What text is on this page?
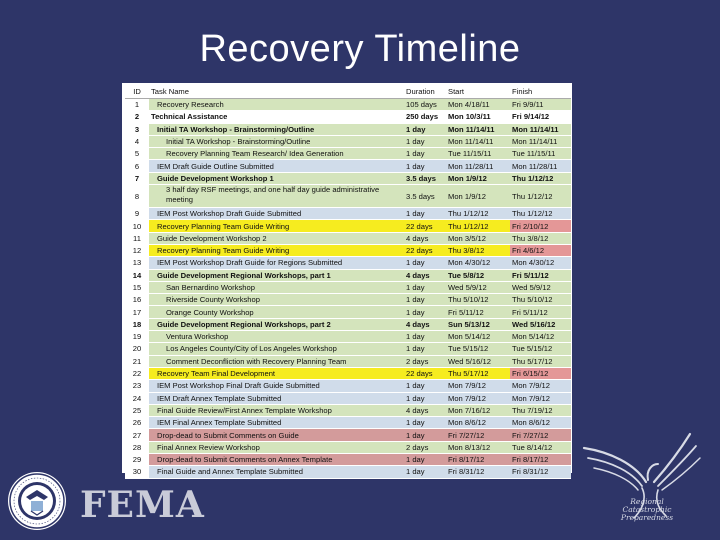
Recovery Timeline
ID	Task Name	Duration	Start	Finish
1	Recovery Research	105 days	Mon 4/18/11	Fri 9/9/11
2	Technical Assistance	250 days	Mon 10/3/11	Fri 9/14/12
3	Initial TA Workshop - Brainstorming/Outline	1 day	Mon 11/14/11	Mon 11/14/11
4	Initial TA Workshop - Brainstorming/Outline	1 day	Mon 11/14/11	Mon 11/14/11
5	Recovery Planning Team Research/ Idea Generation	1 day	Tue 11/15/11	Tue 11/15/11
6	IEM Draft Guide Outline Submitted	1 day	Mon 11/28/11	Mon 11/28/11
7	Guide Development Workshop 1	3.5 days	Mon 1/9/12	Thu 1/12/12
8	3 half day RSF meetings, and one half day guide administrative meeting	3.5 days	Mon 1/9/12	Thu 1/12/12
9	IEM Post Workshop Draft Guide Submitted	1 day	Thu 1/12/12	Thu 1/12/12
10	Recovery Planning Team Guide Writing	22 days	Thu 1/12/12	Fri 2/10/12
11	Guide Development Workshop 2	4 days	Mon 3/5/12	Thu 3/8/12
12	Recovery Planning Team Guide Writing	22 days	Thu 3/8/12	Fri 4/6/12
13	IEM Post Workshop Draft Guide for Regions Submitted	1 day	Mon 4/30/12	Mon 4/30/12
14	Guide Development Regional Workshops, part 1	4 days	Tue 5/8/12	Fri 5/11/12
15	San Bernardino Workshop	1 day	Wed 5/9/12	Wed 5/9/12
16	Riverside County Workshop	1 day	Thu 5/10/12	Thu 5/10/12
17	Orange County Workshop	1 day	Fri 5/11/12	Fri 5/11/12
18	Guide Development Regional Workshops, part 2	4 days	Sun 5/13/12	Wed 5/16/12
19	Ventura Workshop	1 day	Mon 5/14/12	Mon 5/14/12
20	Los Angeles County/City of Los Angeles Workshop	1 day	Tue 5/15/12	Tue 5/15/12
21	Comment Deconfliction with Recovery Planning Team	2 days	Wed 5/16/12	Thu 5/17/12
22	Recovery Team Final Development	22 days	Thu 5/17/12	Fri 6/15/12
23	IEM Post Workshop Final Draft Guide Submitted	1 day	Mon 7/9/12	Mon 7/9/12
24	IEM Draft Annex Template Submitted	1 day	Mon 7/9/12	Mon 7/9/12
25	Final Guide Review/First Annex Template Workshop	4 days	Mon 7/16/12	Thu 7/19/12
26	IEM Final Annex Template Submitted	1 day	Mon 8/6/12	Mon 8/6/12
27	Drop-dead to Submit Comments on Guide	1 day	Fri 7/27/12	Fri 7/27/12
28	Final Annex Review Workshop	2 days	Mon 8/13/12	Tue 8/14/12
29	Drop-dead to Submit Comments on Annex Template	1 day	Fri 8/17/12	Fri 8/17/12
30	Final Guide and Annex Template Submitted	1 day	Fri 8/31/12	Fri 8/31/12
FEMA	Regional
Catastrophic
Preparedness
